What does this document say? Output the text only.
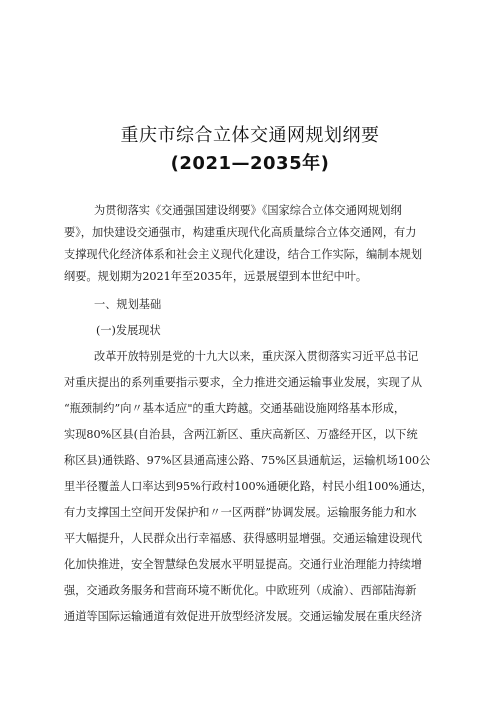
重庆市综合立体交通网规划纲要
(2021—2035年)
为贯彻落实《交通强国建设纲要》《国家综合立体交通网规划纲
要》，加快建设交通强市，构建重庆现代化高质量综合立体交通网，有力
支撑现代化经济体系和社会主义现代化建设，结合工作实际，编制本规划
纲要。规划期为2021年至2035年，远景展望到本世纪中叶。
一、规划基础
(一)发展现状
改革开放特别是党的十九大以来，重庆深入贯彻落实习近平总书记
对重庆提出的系列重要指示要求，全力推进交通运输事业发展，实现了从
“瓶颈制约”向〃基本适应"的重大跨越。交通基础设施网络基本形成，
实现80%区县(自治县，含两江新区、重庆高新区、万盛经开区，以下统
称区县)通铁路、97%区县通高速公路、75%区县通航运，运输机场100公
里半径覆盖人口率达到95%行政村100%通硬化路，村民小组100%通达，
有力支撑国土空间开发保护和〃一区两群”协调发展。运输服务能力和水
平大幅提升，人民群众出行幸福感、获得感明显增强。交通运输建设现代
化加快推进，安全智慧绿色发展水平明显提高。交通行业治理能力持续增
强，交通政务服务和营商环境不断优化。中欧班列（成渝）、西部陆海新
通道等国际运输通道有效促进开放型经济发展。交通运输发展在重庆经济
